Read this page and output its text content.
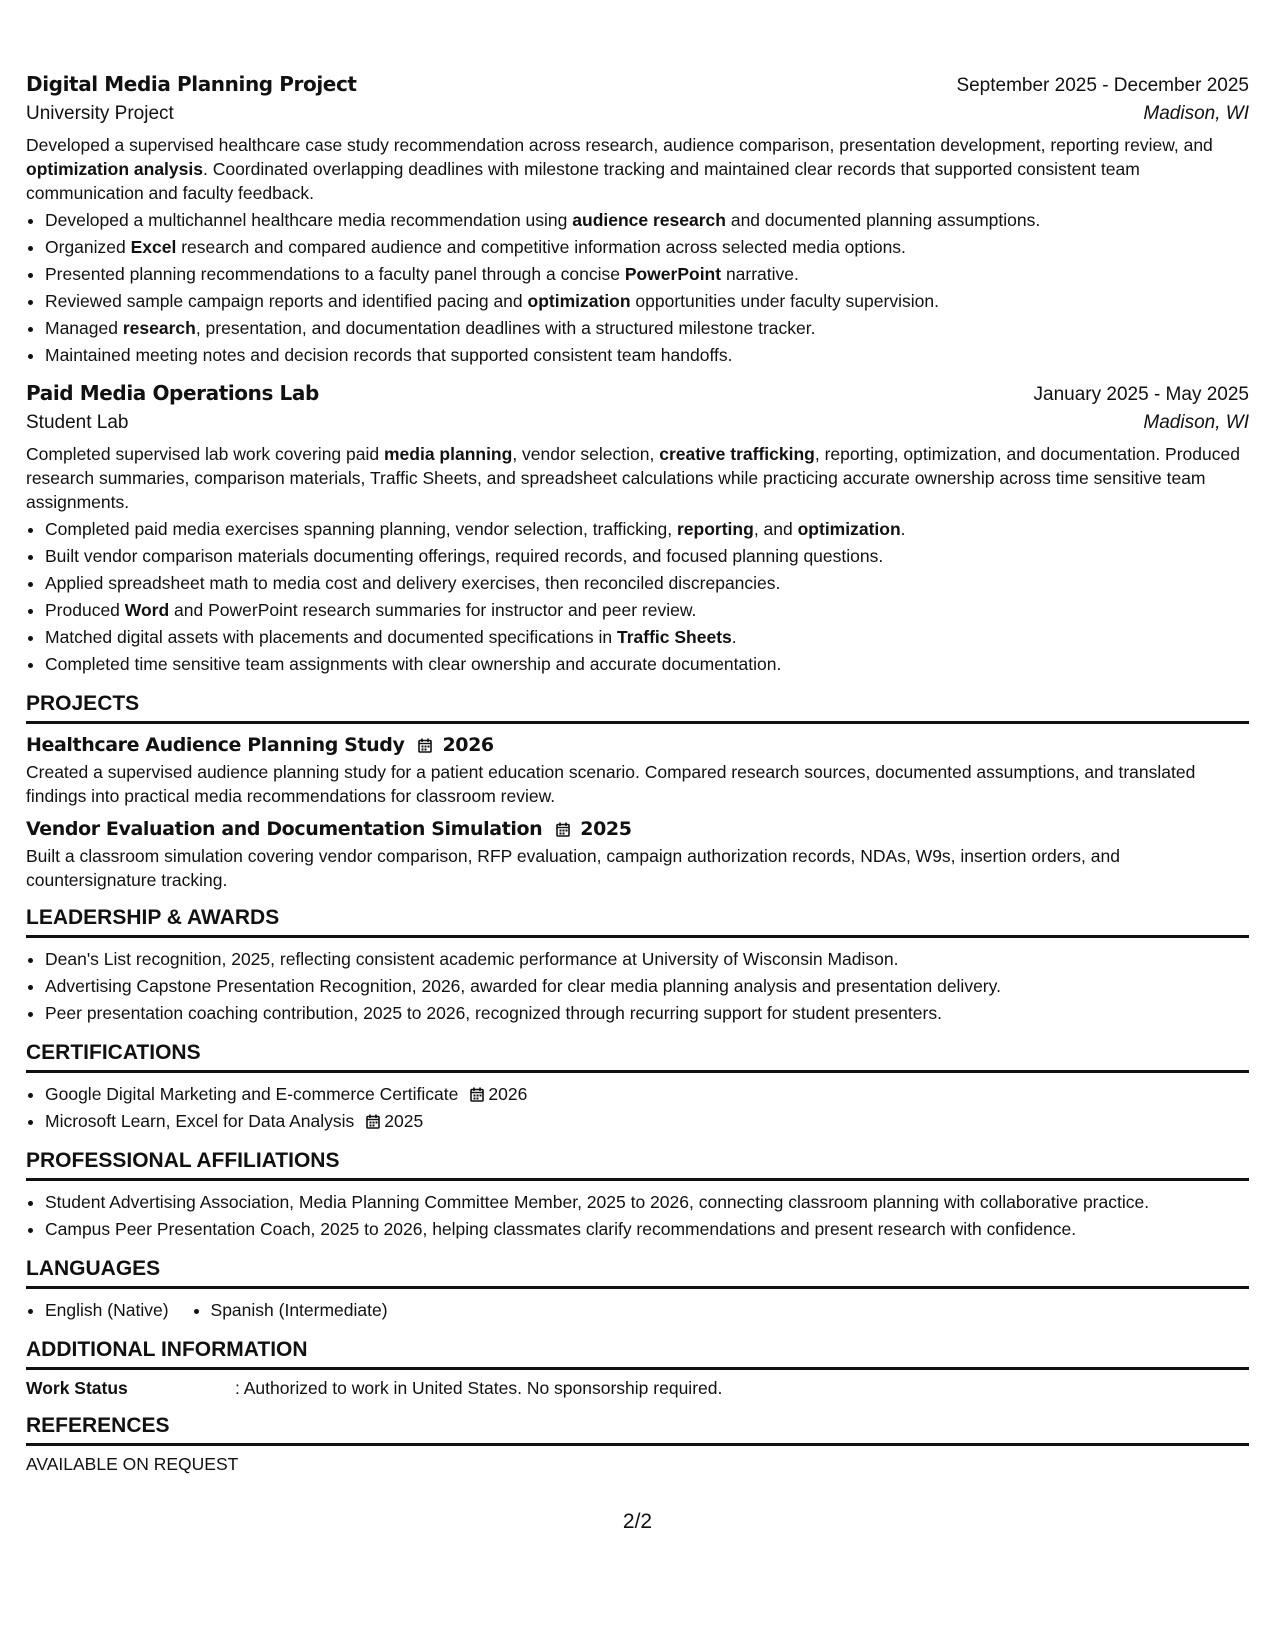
Digital Media Planning Project	September 2025 - December 2025
University Project	Madison, WI

Developed a supervised healthcare case study recommendation across research, audience comparison, presentation development, reporting review, and optimization analysis. Coordinated overlapping deadlines with milestone tracking and maintained clear records that supported consistent team communication and faculty feedback.

• Developed a multichannel healthcare media recommendation using audience research and documented planning assumptions.
• Organized Excel research and compared audience and competitive information across selected media options.
• Presented planning recommendations to a faculty panel through a concise PowerPoint narrative.
• Reviewed sample campaign reports and identified pacing and optimization opportunities under faculty supervision.
• Managed research, presentation, and documentation deadlines with a structured milestone tracker.
• Maintained meeting notes and decision records that supported consistent team handoffs.
Paid Media Operations Lab	January 2025 - May 2025
Student Lab	Madison, WI

Completed supervised lab work covering paid media planning, vendor selection, creative trafficking, reporting, optimization, and documentation. Produced research summaries, comparison materials, Traffic Sheets, and spreadsheet calculations while practicing accurate ownership across time sensitive team assignments.

• Completed paid media exercises spanning planning, vendor selection, trafficking, reporting, and optimization.
• Built vendor comparison materials documenting offerings, required records, and focused planning questions.
• Applied spreadsheet math to media cost and delivery exercises, then reconciled discrepancies.
• Produced Word and PowerPoint research summaries for instructor and peer review.
• Matched digital assets with placements and documented specifications in Traffic Sheets.
• Completed time sensitive team assignments with clear ownership and accurate documentation.
PROJECTS
Healthcare Audience Planning Study 2026

Created a supervised audience planning study for a patient education scenario. Compared research sources, documented assumptions, and translated findings into practical media recommendations for classroom review.

Vendor Evaluation and Documentation Simulation 2025

Built a classroom simulation covering vendor comparison, RFP evaluation, campaign authorization records, NDAs, W9s, insertion orders, and countersignature tracking.

LEADERSHIP & AWARDS
• Dean's List recognition, 2025, reflecting consistent academic performance at University of Wisconsin Madison.
• Advertising Capstone Presentation Recognition, 2026, awarded for clear media planning analysis and presentation delivery.
• Peer presentation coaching contribution, 2025 to 2026, recognized through recurring support for student presenters.
CERTIFICATIONS
• Google Digital Marketing and E-commerce Certificate 2026
• Microsoft Learn, Excel for Data Analysis 2025
PROFESSIONAL AFFILIATIONS
• Student Advertising Association, Media Planning Committee Member, 2025 to 2026, connecting classroom planning with collaborative practice.
• Campus Peer Presentation Coach, 2025 to 2026, helping classmates clarify recommendations and present research with confidence.
LANGUAGES
• English (Native)
• Spanish (Intermediate)
ADDITIONAL INFORMATION
Work Status	: Authorized to work in United States. No sponsorship required.
REFERENCES
AVAILABLE ON REQUEST
2/2
